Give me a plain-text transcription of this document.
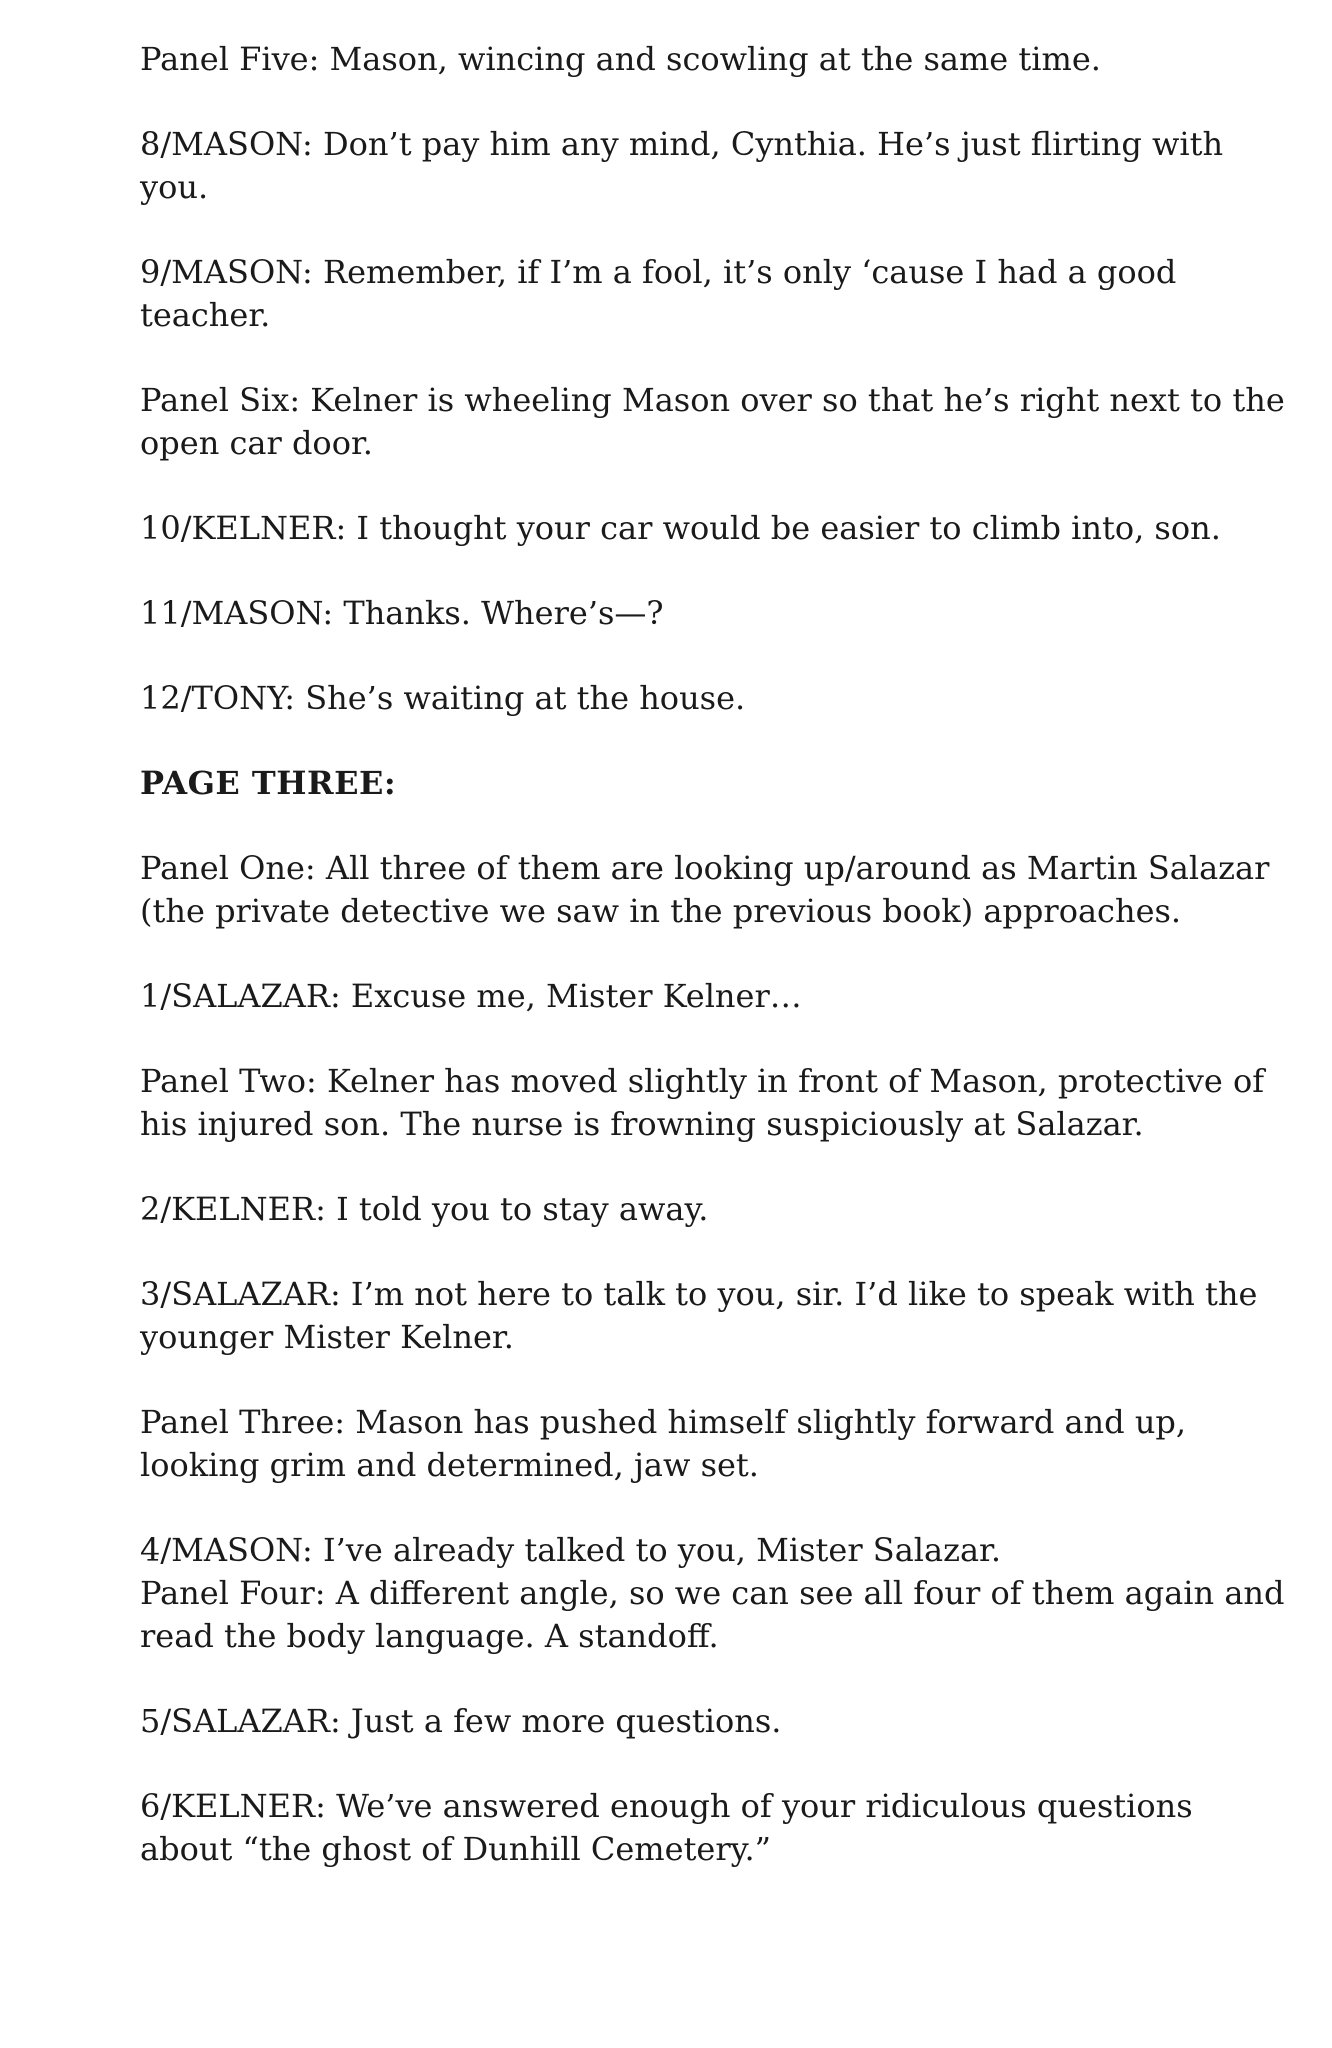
Panel Five: Mason, wincing and scowling at the same time.

8/MASON: Don’t pay him any mind, Cynthia. He’s just flirting with you.

9/MASON: Remember, if I’m a fool, it’s only ‘cause I had a good teacher.

Panel Six: Kelner is wheeling Mason over so that he’s right next to the open car door.

10/KELNER: I thought your car would be easier to climb into, son.

11/MASON: Thanks. Where’s—?

12/TONY: She’s waiting at the house.

PAGE THREE:

Panel One: All three of them are looking up/around as Martin Salazar (the private detective we saw in the previous book) approaches.

1/SALAZAR: Excuse me, Mister Kelner…

Panel Two: Kelner has moved slightly in front of Mason, protective of his injured son. The nurse is frowning suspiciously at Salazar.

2/KELNER: I told you to stay away.

3/SALAZAR: I’m not here to talk to you, sir. I’d like to speak with the younger Mister Kelner.

Panel Three: Mason has pushed himself slightly forward and up, looking grim and determined, jaw set.

4/MASON: I’ve already talked to you, Mister Salazar.

Panel Four: A different angle, so we can see all four of them again and read the body language. A standoff.

5/SALAZAR: Just a few more questions.

6/KELNER: We’ve answered enough of your ridiculous questions about “the ghost of Dunhill Cemetery.”
